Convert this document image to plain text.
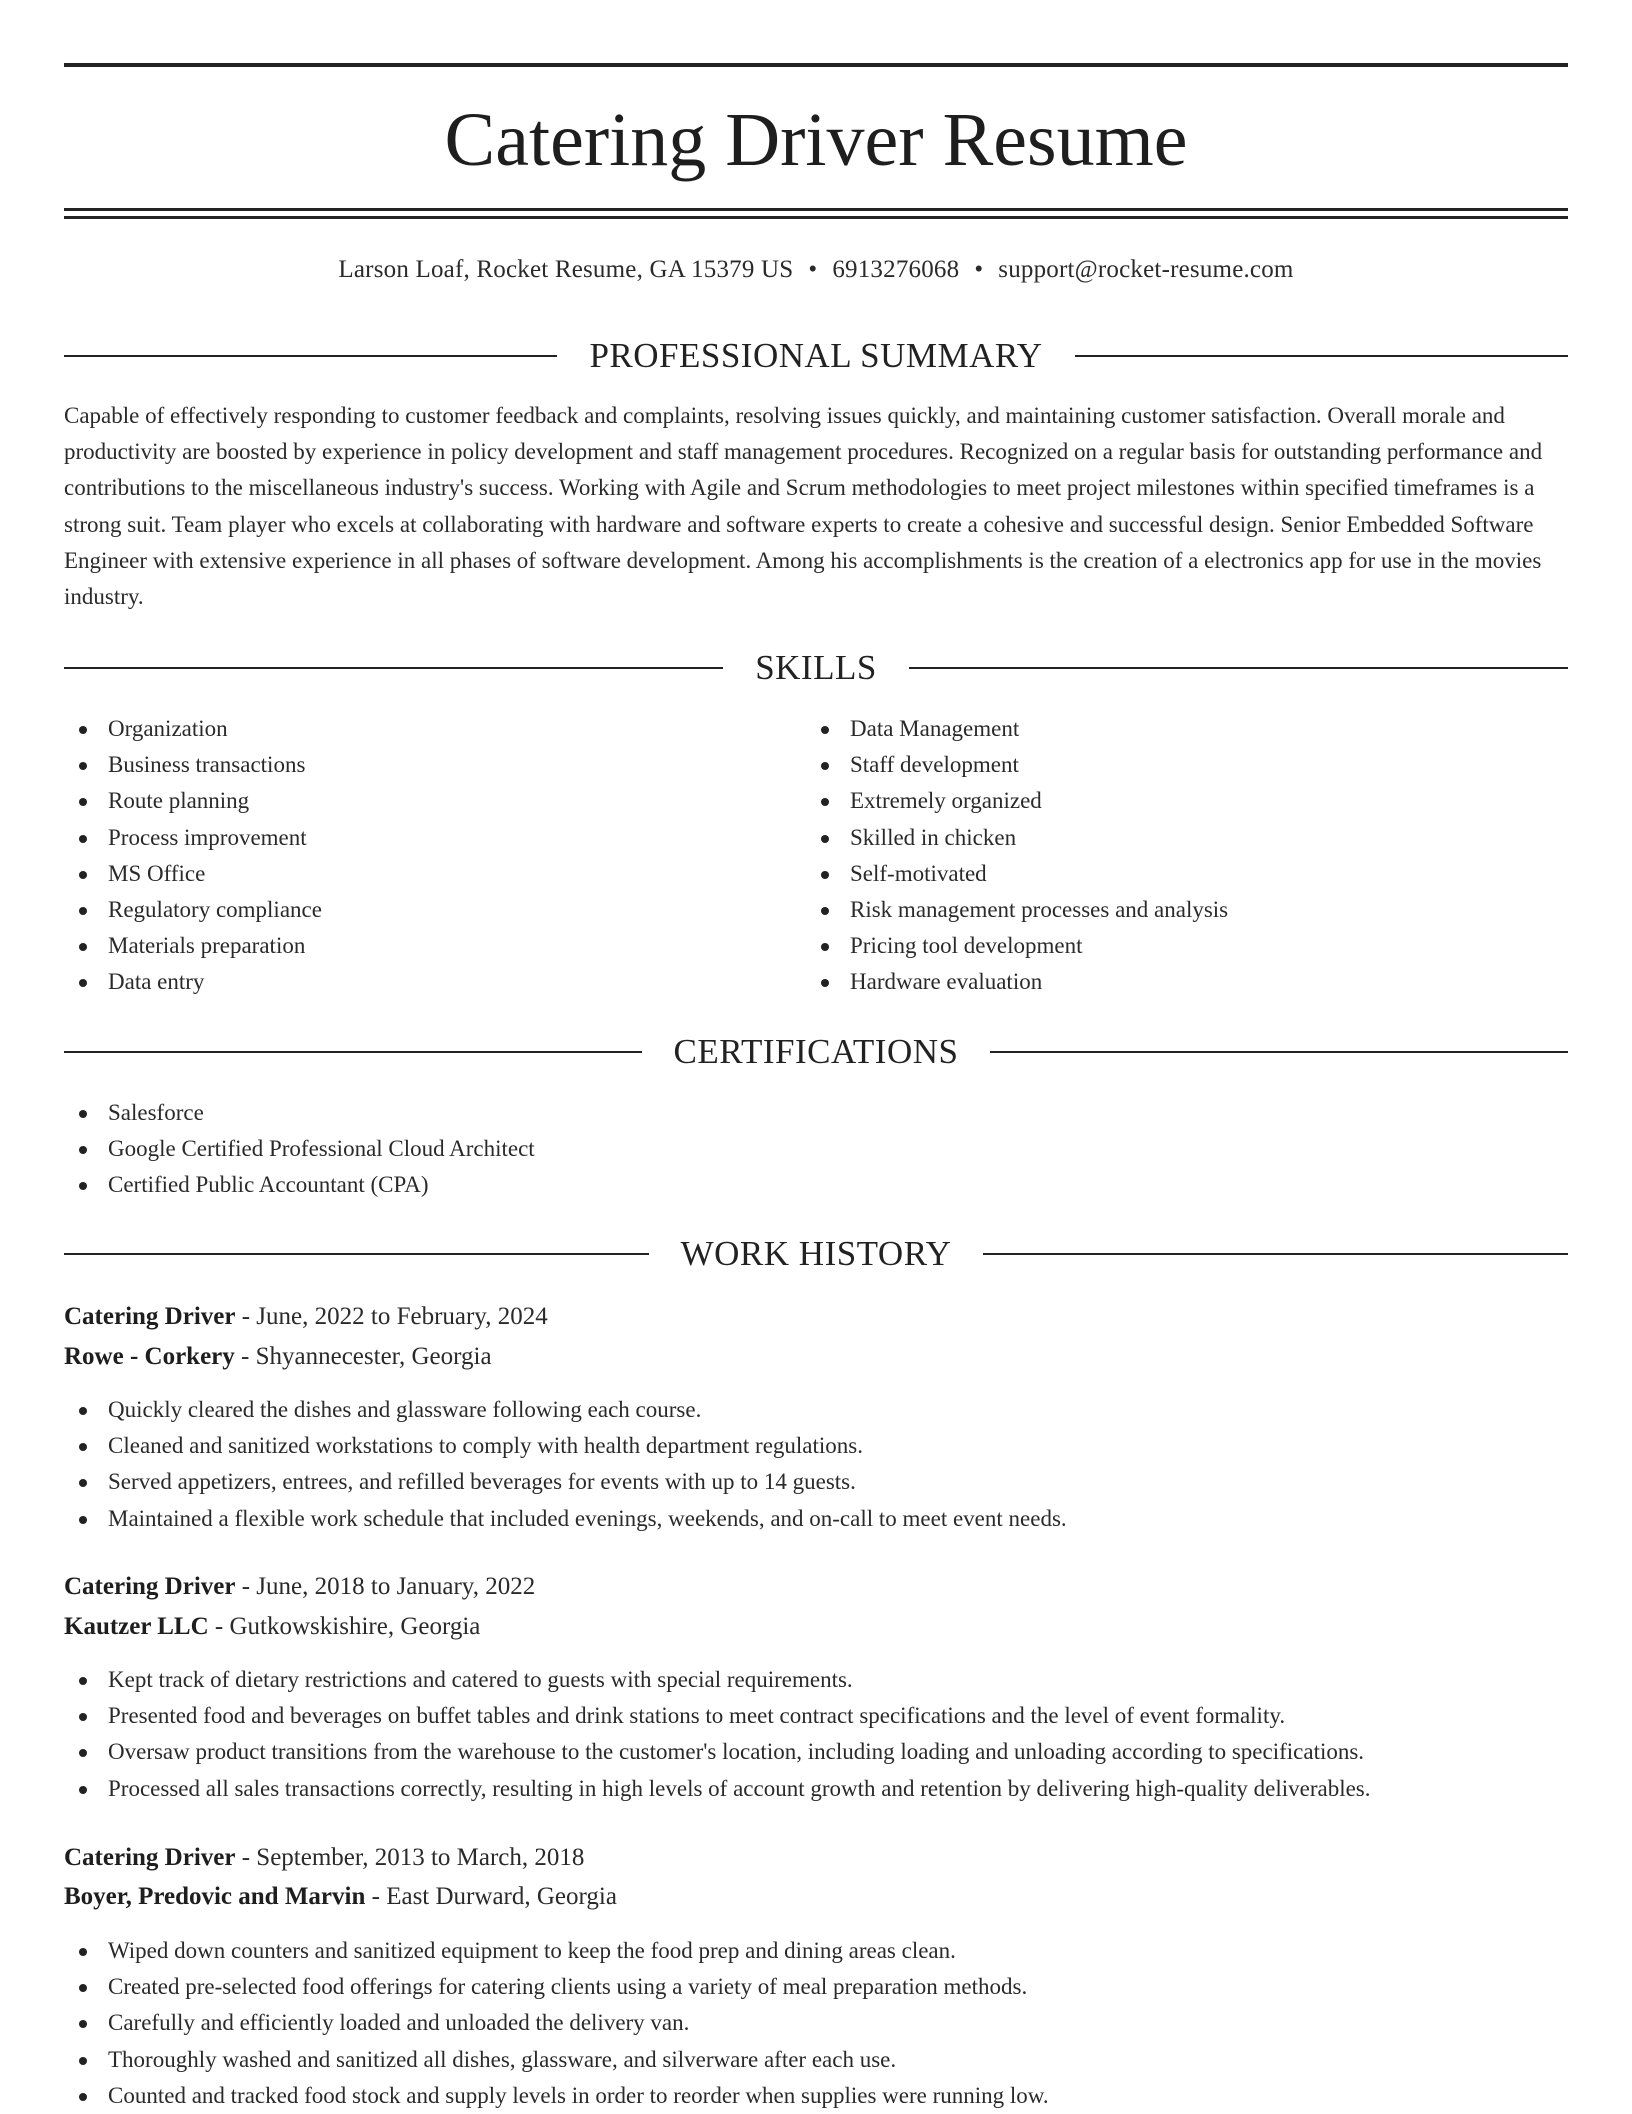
Catering Driver Resume
Larson Loaf, Rocket Resume, GA 15379 US • 6913276068 • support@rocket-resume.com
PROFESSIONAL SUMMARY

Capable of effectively responding to customer feedback and complaints, resolving issues quickly, and maintaining customer satisfaction. Overall morale and productivity are boosted by experience in policy development and staff management procedures. Recognized on a regular basis for outstanding performance and contributions to the miscellaneous industry's success. Working with Agile and Scrum methodologies to meet project milestones within specified timeframes is a strong suit. Team player who excels at collaborating with hardware and software experts to create a cohesive and successful design. Senior Embedded Software Engineer with extensive experience in all phases of software development. Among his accomplishments is the creation of a electronics app for use in the movies industry.

SKILLS
Organization
Business transactions
Route planning
Process improvement
MS Office
Regulatory compliance
Materials preparation
Data entry
Data Management
Staff development
Extremely organized
Skilled in chicken
Self-motivated
Risk management processes and analysis
Pricing tool development
Hardware evaluation
CERTIFICATIONS
Salesforce
Google Certified Professional Cloud Architect
Certified Public Accountant (CPA)
WORK HISTORY
Catering Driver - June, 2022 to February, 2024
Rowe - Corkery - Shyannecester, Georgia
Quickly cleared the dishes and glassware following each course.
Cleaned and sanitized workstations to comply with health department regulations.
Served appetizers, entrees, and refilled beverages for events with up to 14 guests.
Maintained a flexible work schedule that included evenings, weekends, and on-call to meet event needs.
Catering Driver - June, 2018 to January, 2022
Kautzer LLC - Gutkowskishire, Georgia
Kept track of dietary restrictions and catered to guests with special requirements.
Presented food and beverages on buffet tables and drink stations to meet contract specifications and the level of event formality.
Oversaw product transitions from the warehouse to the customer's location, including loading and unloading according to specifications.
Processed all sales transactions correctly, resulting in high levels of account growth and retention by delivering high-quality deliverables.
Catering Driver - September, 2013 to March, 2018
Boyer, Predovic and Marvin - East Durward, Georgia
Wiped down counters and sanitized equipment to keep the food prep and dining areas clean.
Created pre-selected food offerings for catering clients using a variety of meal preparation methods.
Carefully and efficiently loaded and unloaded the delivery van.
Thoroughly washed and sanitized all dishes, glassware, and silverware after each use.
Counted and tracked food stock and supply levels in order to reorder when supplies were running low.
